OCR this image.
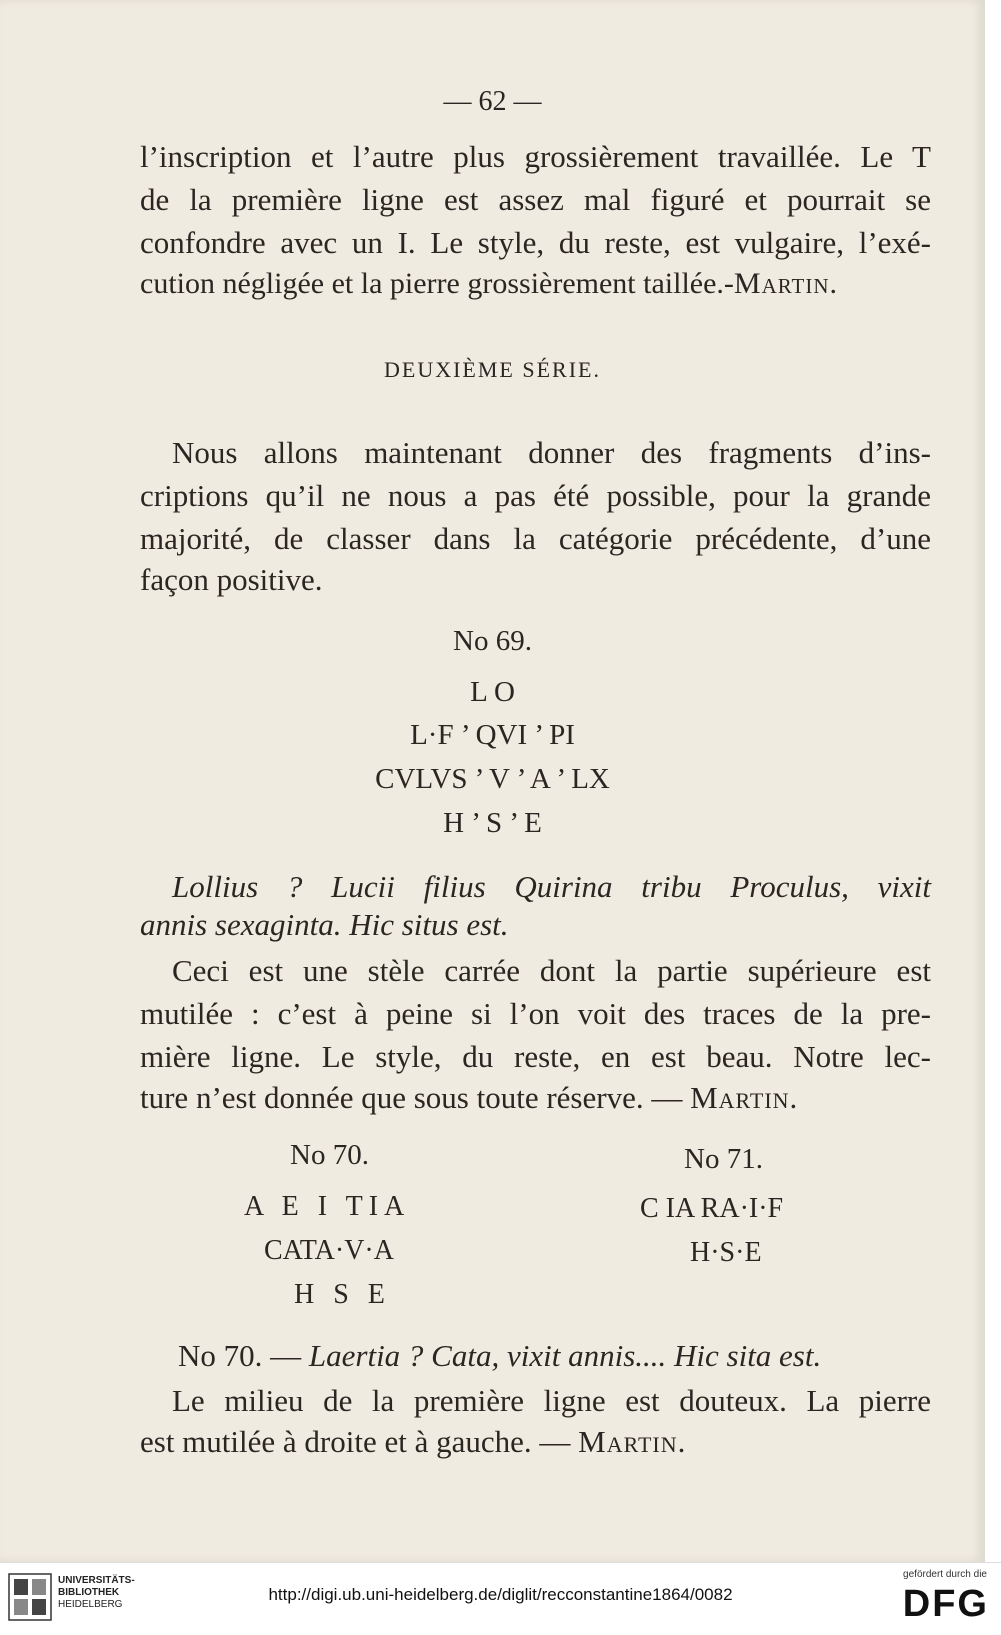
— 62 —
l’inscription et l’autre plus grossièrement travaillée. Le T
de la première ligne est assez mal figuré et pourrait se
confondre avec un I. Le style, du reste, est vulgaire, l’exé-
cution négligée et la pierre grossièrement taillée.-Martin.
DEUXIÈME SÉRIE.
Nous allons maintenant donner des fragments d’ins-
criptions qu’il ne nous a pas été possible, pour la grande
majorité, de classer dans la catégorie précédente, d’une
façon positive.
No 69.
L O
L·F ’ QVI ’ PI
CVLVS ’ V ’ A ’ LX
H ’ S ’ E
Lollius ? Lucii filius Quirina tribu Proculus, vixit
annis sexaginta. Hic situs est.
Ceci est une stèle carrée dont la partie supérieure est
mutilée : c’est à peine si l’on voit des traces de la pre-
mière ligne. Le style, du reste, en est beau. Notre lec-
ture n’est donnée que sous toute réserve. — Martin.
No 70.
A E I TIA
CATA·V·A
H S E
No 71.
C IA RA·I·F
H·S·E
No 70. — Laertia ? Cata, vixit annis.... Hic sita est.
Le milieu de la première ligne est douteux. La pierre
est mutilée à droite et à gauche. — Martin.
UNIVERSITÄTS-
BIBLIOTHEK
HEIDELBERG
http://digi.ub.uni-heidelberg.de/diglit/recconstantine1864/0082
gefördert durch die
DFG
